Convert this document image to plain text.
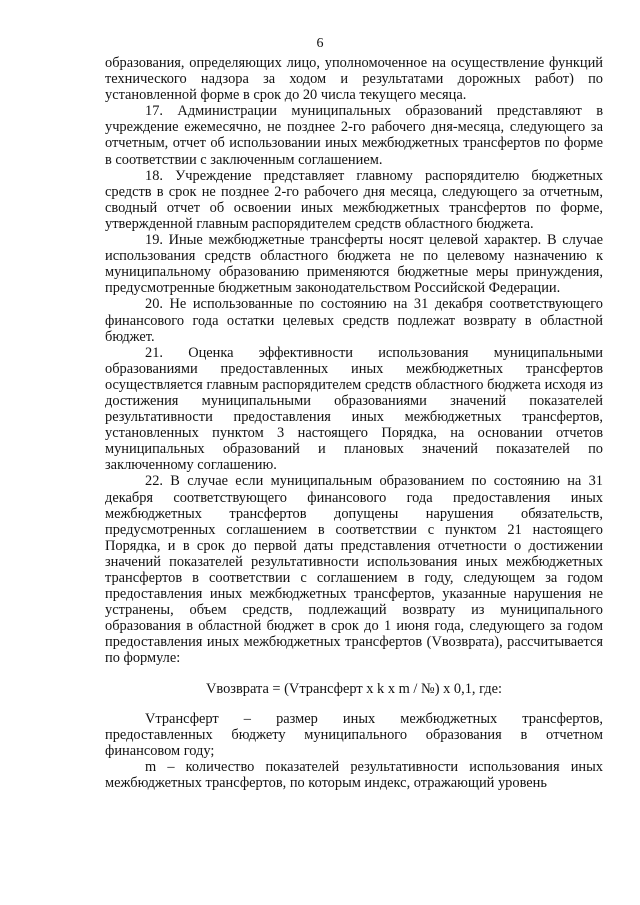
6

образования, определяющих лицо, уполномоченное на осуществление функций технического надзора за ходом и результатами дорожных работ) по установленной форме в срок до 20 числа текущего месяца.

17. Администрации муниципальных образований представляют в учреждение ежемесячно, не позднее 2-го рабочего дня-месяца, следующего за отчетным, отчет об использовании иных межбюджетных трансфертов по форме в соответствии с заключенным соглашением.

18. Учреждение представляет главному распорядителю бюджетных средств в срок не позднее 2-го рабочего дня месяца, следующего за отчетным, сводный отчет об освоении иных межбюджетных трансфертов по форме, утвержденной главным распорядителем средств областного бюджета.

19. Иные межбюджетные трансферты носят целевой характер. В случае использования средств областного бюджета не по целевому назначению к муниципальному образованию применяются бюджетные меры принуждения, предусмотренные бюджетным законодательством Российской Федерации.

20. Не использованные по состоянию на 31 декабря соответствующего финансового года остатки целевых средств подлежат возврату в областной бюджет.

21. Оценка эффективности использования муниципальными образованиями предоставленных иных межбюджетных трансфертов осуществляется главным распорядителем средств областного бюджета исходя из достижения муниципальными образованиями значений показателей результативности предоставления иных межбюджетных трансфертов, установленных пунктом 3 настоящего Порядка, на основании отчетов муниципальных образований и плановых значений показателей по заключенному соглашению.

22. В случае если муниципальным образованием по состоянию на 31 декабря соответствующего финансового года предоставления иных межбюджетных трансфертов допущены нарушения обязательств, предусмотренных соглашением в соответствии с пунктом 21 настоящего Порядка, и в срок до первой даты представления отчетности о достижении значений показателей результативности использования иных межбюджетных трансфертов в соответствии с соглашением в году, следующем за годом предоставления иных межбюджетных трансфертов, указанные нарушения не устранены, объем средств, подлежащий возврату из муниципального образования в областной бюджет в срок до 1 июня года, следующего за годом предоставления иных межбюджетных трансфертов (Vвозврата), рассчитывается по формуле:

Vвозврата = (Vтрансферт x k x m / №) x 0,1, где:

Vтрансферт – размер иных межбюджетных трансфертов, предоставленных бюджету муниципального образования в отчетном финансовом году;

m – количество показателей результативности использования иных межбюджетных трансфертов, по которым индекс, отражающий уровень
